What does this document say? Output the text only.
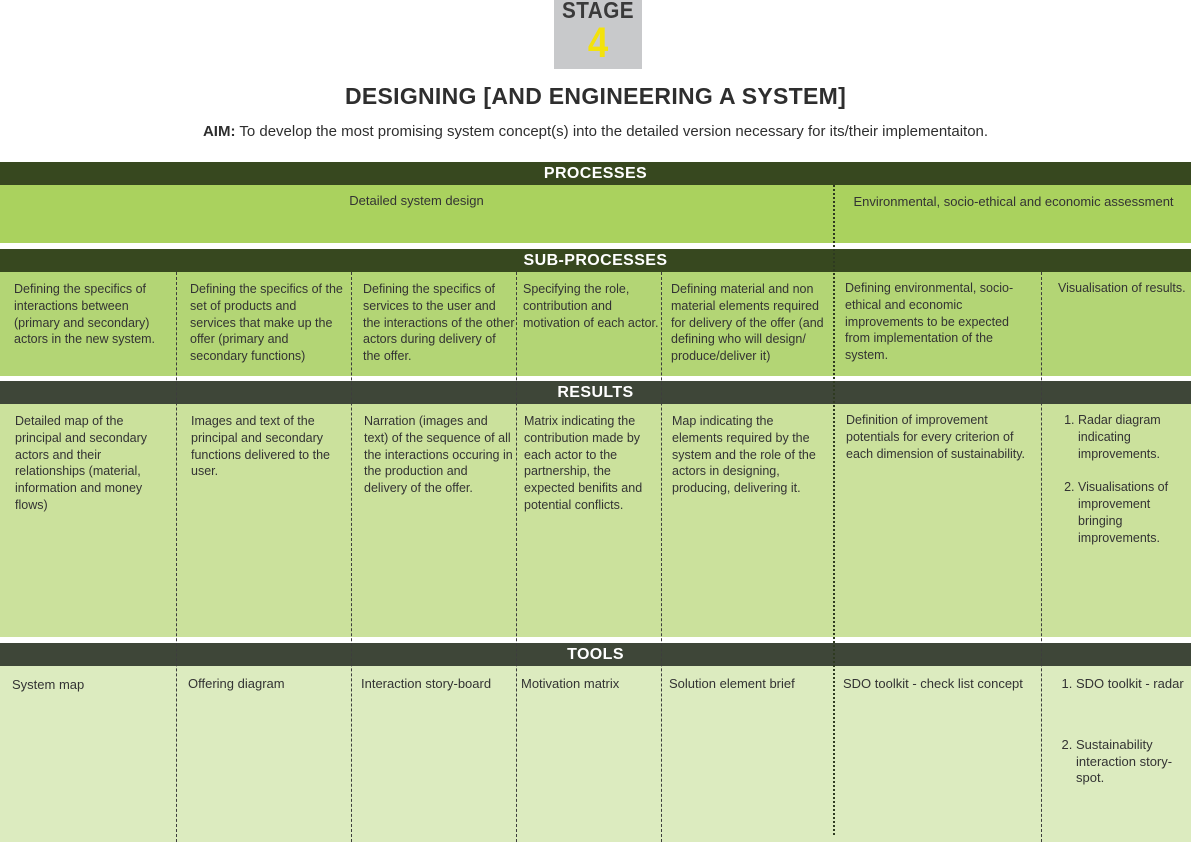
STAGE
4
DESIGNING [AND ENGINEERING A SYSTEM]
AIM: To develop the most promising system concept(s) into the detailed version necessary for its/their implementaiton.
PROCESSES
Detailed system design	Environmental, socio-ethical and economic assessment
SUB-PROCESSES
Defining the specifics of interactions between (primary and secondary) actors in the new system.
Defining the specifics of the set of products and services that make up the offer (primary and secondary functions)
Defining the specifics of services to the user and the interactions of the other actors during delivery of the offer.
Specifying the role, contribution and motivation of each actor.
Defining material and non material elements required for delivery of the offer (and defining who will design/ produce/deliver it)
Defining environmental, socio-ethical and economic improvements to be expected from implementation of the system.
Visualisation of results.
RESULTS
Detailed map of the principal and secondary actors and their relationships (material, information and money flows)
Images and text of the principal and secondary functions delivered to the user.
Narration (images and text) of the sequence of all the interactions occuring in the production and delivery of the offer.
Matrix indicating the contribution made by each actor to the partnership, the expected benifits and potential conflicts.
Map indicating the elements required by the system and the role of the actors in designing, producing, delivering it.
Definition of improvement potentials for every criterion of each dimension of sustainability.
1. Radar diagram indicating improvements.
2. Visualisations of improvement bringing improvements.
TOOLS
System map	Offering diagram	Interaction story-board	Motivation matrix	Solution element brief	SDO toolkit - check list concept
1.	SDO toolkit - radar
2. Sustainability interaction story-spot.
